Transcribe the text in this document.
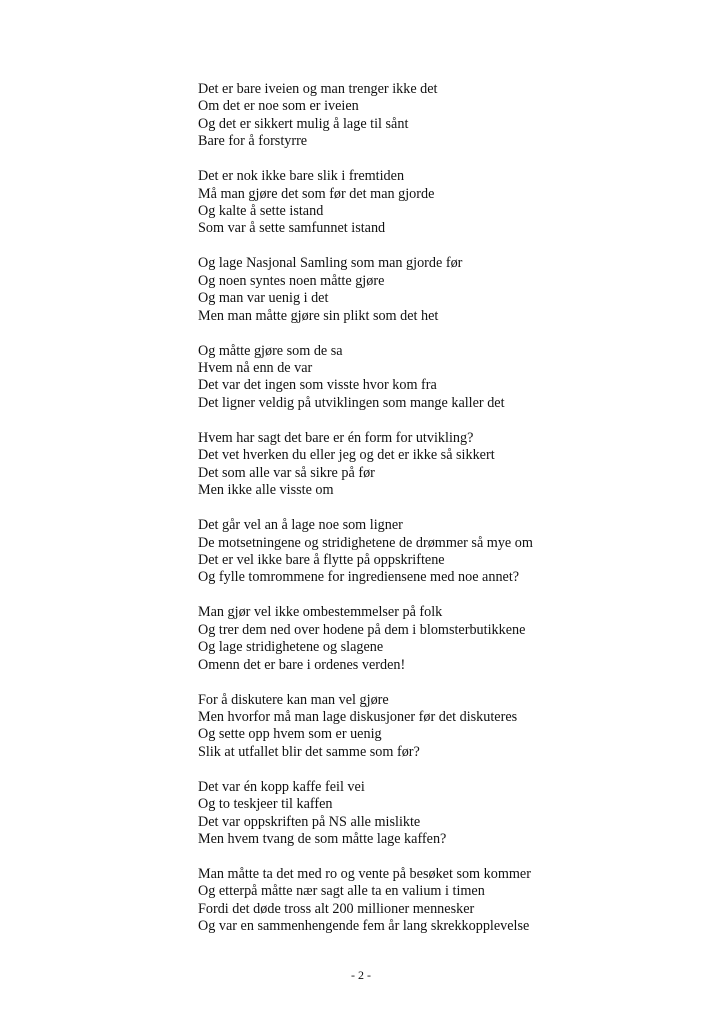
Det er bare iveien og man trenger ikke det
Om det er noe som er iveien
Og det er sikkert mulig å lage til sånt
Bare for å forstyrre
Det er nok ikke bare slik i fremtiden
Må man gjøre det som før det man gjorde
Og kalte å sette istand
Som var å sette samfunnet istand
Og lage Nasjonal Samling som man gjorde før
Og noen syntes noen måtte gjøre
Og man var uenig i det
Men man måtte gjøre sin plikt som det het
Og måtte gjøre som de sa
Hvem nå enn de var
Det var det ingen som visste hvor kom fra
Det ligner veldig på utviklingen som mange kaller det
Hvem har sagt det bare er én form for utvikling?
Det vet hverken du eller jeg og det er ikke så sikkert
Det som alle var så sikre på før
Men ikke alle visste om
Det går vel an å lage noe som ligner
De motsetningene og stridighetene de drømmer så mye om
Det er vel ikke bare å flytte på oppskriftene
Og fylle tomrommene for ingrediensene med noe annet?
Man gjør vel ikke ombestemmelser på folk
Og trer dem ned over hodene på dem i blomsterbutikkene
Og lage stridighetene og slagene
Omenn det er bare i ordenes verden!
For å diskutere kan man vel gjøre
Men hvorfor må man lage diskusjoner før det diskuteres
Og sette opp hvem som er uenig
Slik at utfallet blir det samme som før?
Det var én kopp kaffe feil vei
Og to teskjeer til kaffen
Det var oppskriften på NS alle mislikte
Men hvem tvang de som måtte lage kaffen?
Man måtte ta det med ro og vente på besøket som kommer
Og etterpå måtte nær sagt alle ta en valium i timen
Fordi det døde tross alt 200 millioner mennesker
Og var en sammenhengende fem år lang skrekkopplevelse
- 2 -
